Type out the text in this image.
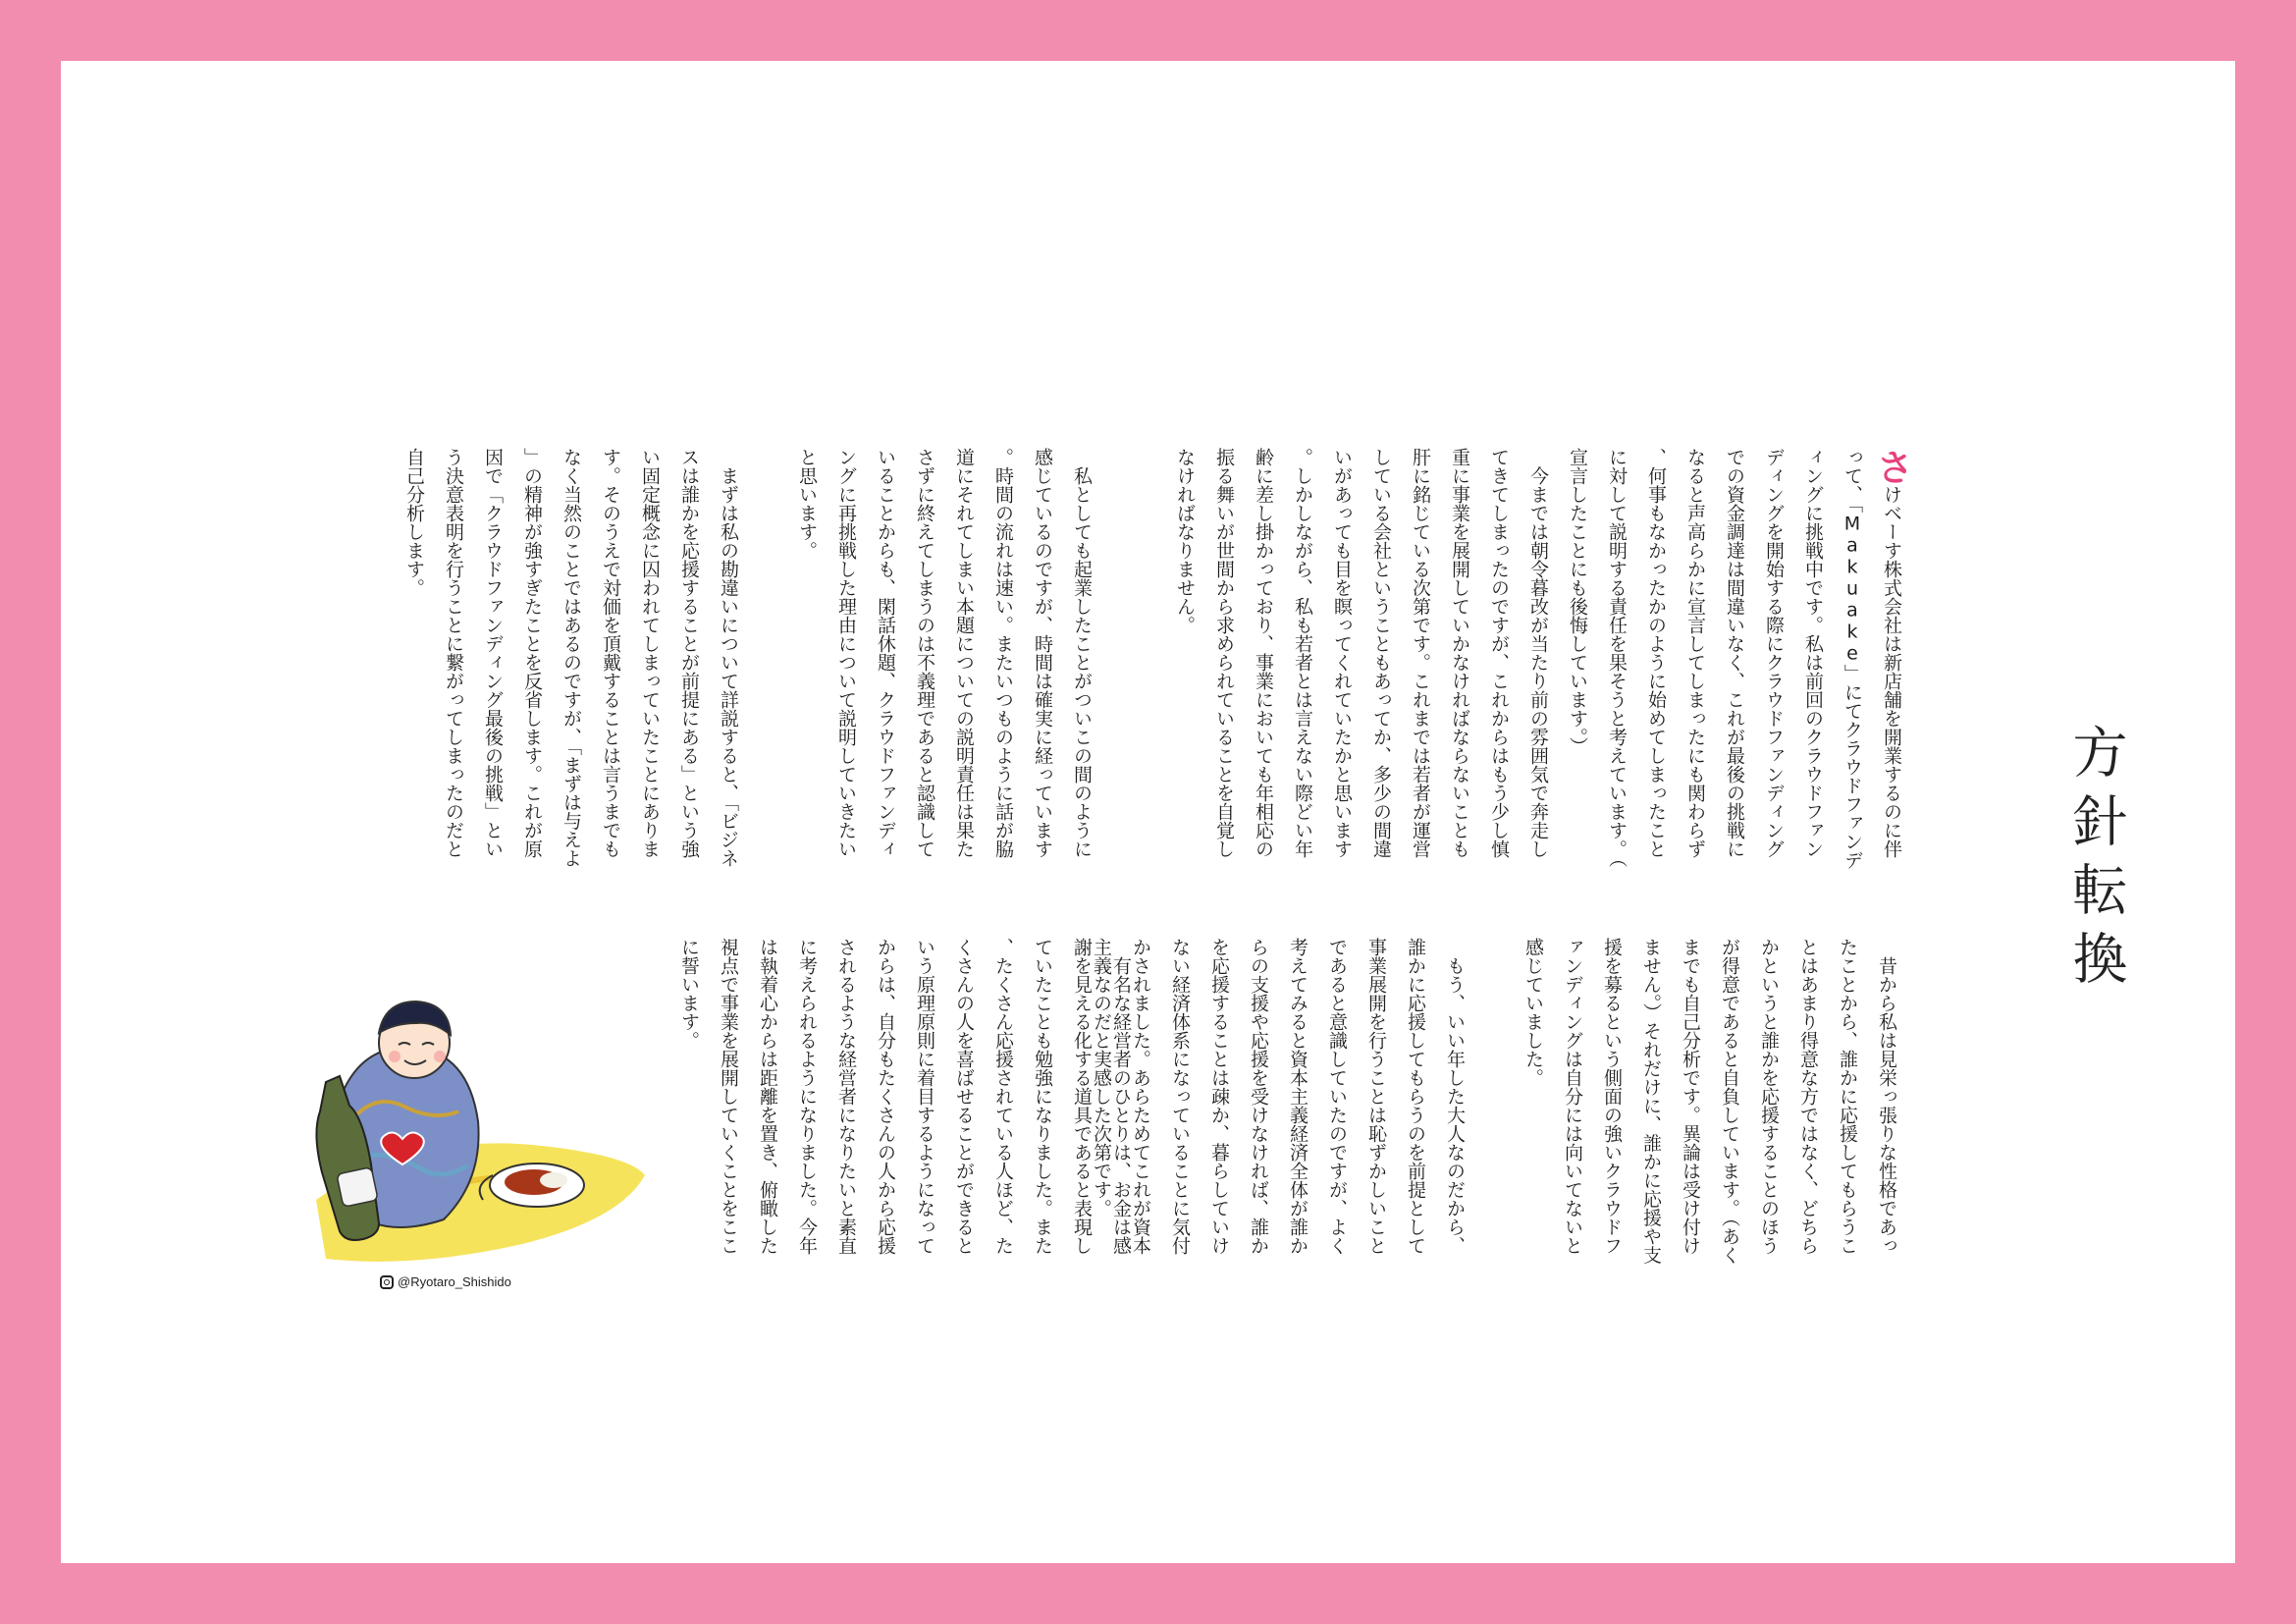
方針転換
さけベーす株式会社は新店舗を開業するのに伴って、「Makuake」にてクラウドファンディングに挑戦中です。私は前回のクラウドファンディングを開始する際にクラウドファンディングでの資金調達は間違いなく、これが最後の挑戦になると声高らかに宣言してしまったにも関わらず、何事もなかったかのように始めてしまったことに対して説明する責任を果そうと考えています。（宣言したことにも後悔しています。）
今までは朝令暮改が当たり前の雰囲気で奔走してきてしまったのですが、これからはもう少し慎重に事業を展開していかなければならないことも肝に銘じている次第です。これまでは若者が運営している会社ということもあってか、多少の間違いがあっても目を瞑ってくれていたかと思います。しかしながら、私も若者とは言えない際どい年齢に差し掛かっており、事業においても年相応の振る舞いが世間から求められていることを自覚しなければなりません。
私としても起業したことがついこの間のように感じているのですが、時間は確実に経っています。時間の流れは速い。またいつものように話が脇道にそれてしまい本題についての説明責任は果たさずに終えてしまうのは不義理であると認識していることからも、閑話休題、クラウドファンディングに再挑戦した理由について説明していきたいと思います。
まずは私の勘違いについて詳説すると、「ビジネスは誰かを応援することが前提にある」という強い固定概念に囚われてしまっていたことにあります。そのうえで対価を頂戴することは言うまでもなく当然のことではあるのですが、「まずは与えよ」の精神が強すぎたことを反省します。これが原因で「クラウドファンディング最後の挑戦」という決意表明を行うことに繋がってしまったのだと自己分析します。
昔から私は見栄っ張りな性格であったことから、誰かに応援してもらうことはあまり得意な方ではなく、どちらかというと誰かを応援することのほうが得意であると自負しています。（あくまでも自己分析です。異論は受け付けません。）それだけに、誰かに応援や支援を募るという側面の強いクラウドファンディングは自分には向いてないと感じていました。
もう、いい年した大人なのだから、誰かに応援してもらうのを前提として事業展開を行うことは恥ずかしいことであると意識していたのですが、よく考えてみると資本主義経済全体が誰からの支援や応援を受けなければ、誰かを応援することは疎か、暮らしていけない経済体系になっていることに気付かされました。あらためてこれが資本主義なのだと実感した次第です。
有名な経営者のひとりは、お金は感謝を見える化する道具であると表現していたことも勉強になりました。また、たくさん応援されている人ほど、たくさんの人を喜ばせることができるという原理原則に着目するようになってからは、自分もたくさんの人から応援されるような経営者になりたいと素直に考えられるようになりました。今年は執着心からは距離を置き、俯瞰した視点で事業を展開していくことをここに誓います。
@Ryotaro_Shishido
